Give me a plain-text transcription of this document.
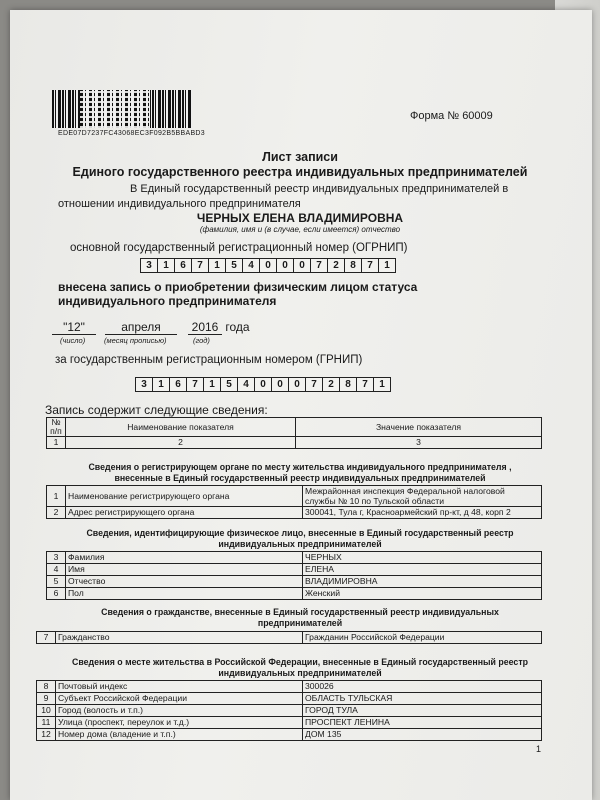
EDE07D7237FC43068EC3F092B5BBABD3
Форма № 60009
Лист записи
Единого государственного реестра индивидуальных предпринимателей
В Единый государственный реестр индивидуальных предпринимателей в
отношении индивидуального предпринимателя
ЧЕРНЫХ ЕЛЕНА ВЛАДИМИРОВНА
(фамилия, имя и (в случае, если имеется) отчество
основной государственный регистрационный номер (ОГРНИП)
3	1	6	7	1	5	4	0	0	0	7	2	8	7	1
внесена запись о приобретении физическим лицом статуса
индивидуального предпринимателя
"12"	апреля	2016 года
(число)	(месяц прописью)	(год)
за государственным регистрационным номером (ГРНИП)
3	1	6	7	1	5	4	0	0	0	7	2	8	7	1
Запись содержит следующие сведения:
№
п/п	Наименование показателя	Значение показателя
1	2	3
Сведения о регистрирующем органе по месту жительства индивидуального предпринимателя ,
внесенные в Единый государственный реестр индивидуальных предпринимателей
1	Наименование регистрирующего органа	Межрайонная инспекция Федеральной налоговой
службы № 10 по Тульской области
2	Адрес регистрирующего органа	300041, Тула г, Красноармейский пр-кт, д 48, корп 2
Сведения, идентифицирующие физическое лицо, внесенные в Единый государственный реестр
индивидуальных предпринимателей
3	Фамилия	ЧЕРНЫХ
4	Имя	ЕЛЕНА
5	Отчество	ВЛАДИМИРОВНА
6	Пол	Женский
Сведения о гражданстве, внесенные в Единый государственный реестр индивидуальных
предпринимателей
7	Гражданство	Гражданин Российской Федерации
Сведения о месте жительства в Российской Федерации, внесенные в Единый государственный реестр
индивидуальных предпринимателей
8	Почтовый индекс	300026
9	Субъект Российской Федерации	ОБЛАСТЬ ТУЛЬСКАЯ
10	Город (волость и т.п.)	ГОРОД ТУЛА
11	Улица (проспект, переулок и т.д.)	ПРОСПЕКТ ЛЕНИНА
12	Номер дома (владение и т.п.)	ДОМ 135
1
